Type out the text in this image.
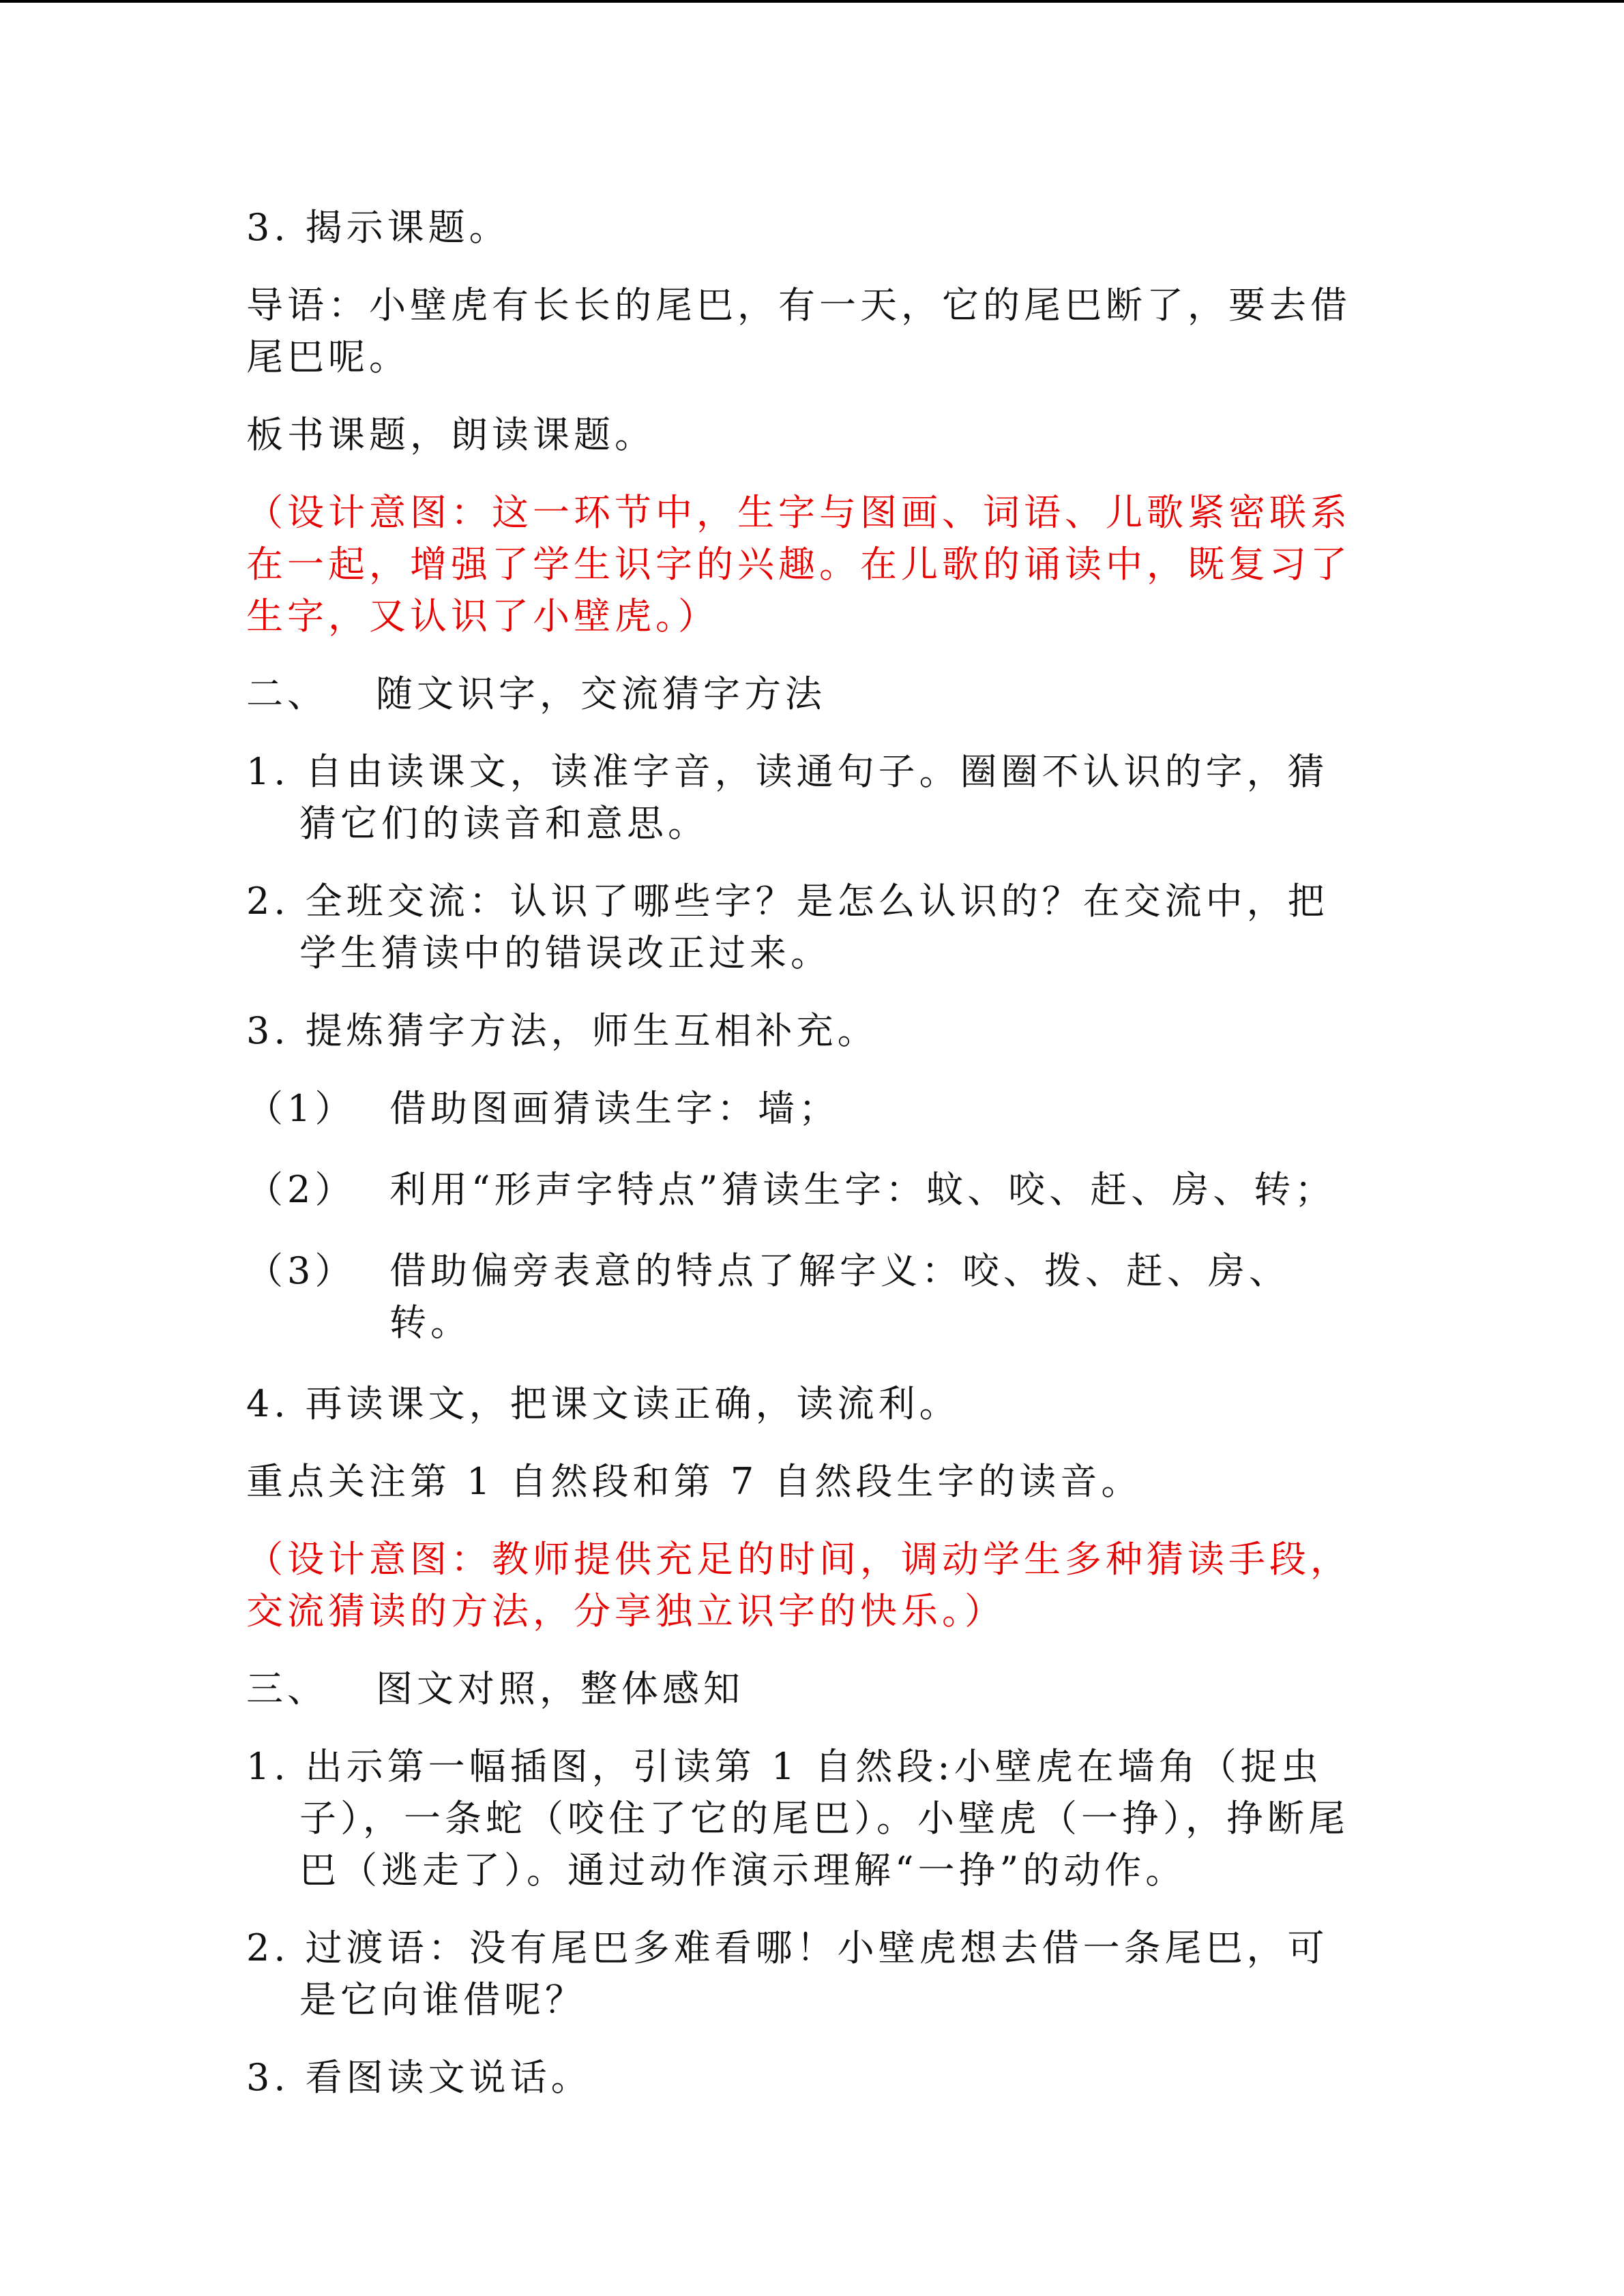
3. 揭示课题。

导语：小壁虎有长长的尾巴，有一天，它的尾巴断了，要去借尾巴呢。

板书课题，朗读课题。

（设计意图：这一环节中，生字与图画、词语、儿歌紧密联系在一起，增强了学生识字的兴趣。在儿歌的诵读中，既复习了生字，又认识了小壁虎。）

二、 随文识字，交流猜字方法

1. 自由读课文，读准字音，读通句子。圈圈不认识的字，猜猜它们的读音和意思。

2. 全班交流：认识了哪些字？是怎么认识的？在交流中，把学生猜读中的错误改正过来。

3. 提炼猜字方法，师生互相补充。

（1） 借助图画猜读生字：墙；
（2） 利用“形声字特点”猜读生字：蚊、咬、赶、房、转；
（3） 借助偏旁表意的特点了解字义：咬、拨、赶、房、转。

4. 再读课文，把课文读正确，读流利。

重点关注第 1 自然段和第 7 自然段生字的读音。

（设计意图：教师提供充足的时间，调动学生多种猜读手段，交流猜读的方法，分享独立识字的快乐。）

三、 图文对照，整体感知

1. 出示第一幅插图，引读第 1 自然段:小壁虎在墙角（捉虫子），一条蛇（咬住了它的尾巴）。小壁虎（一挣），挣断尾巴（逃走了）。通过动作演示理解“一挣”的动作。

2. 过渡语：没有尾巴多难看哪！小壁虎想去借一条尾巴，可是它向谁借呢？

3. 看图读文说话。
